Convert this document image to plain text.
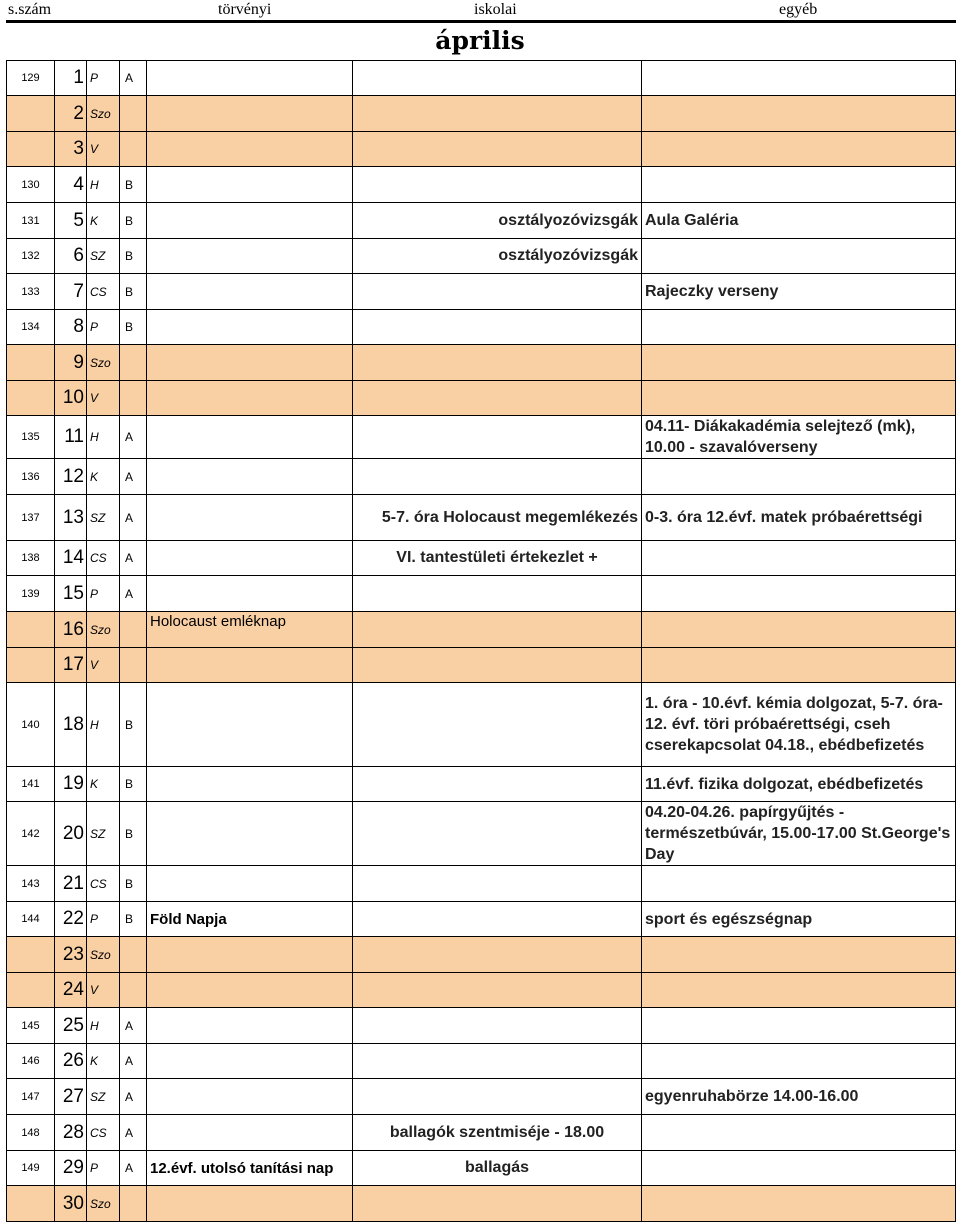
s.szám	törvényi	iskolai	egyéb
április
129	1	P	A			
	2	Szo				
	3	V				
130	4	H	B			
131	5	K	B		osztályozóvizsgák	Aula Galéria
132	6	SZ	B		osztályozóvizsgák	
133	7	CS	B			Rajeczky verseny
134	8	P	B			
	9	Szo				
	10	V				
135	11	H	A			04.11- Diákakadémia selejtező (mk), 10.00 - szavalóverseny
136	12	K	A			
137	13	SZ	A		5-7. óra Holocaust megemlékezés	0-3. óra 12.évf. matek próbaérettségi
138	14	CS	A		VI. tantestületi értekezlet +	
139	15	P	A			
	16	Szo		Holocaust emléknap		
	17	V				
140	18	H	B			1. óra - 10.évf. kémia dolgozat, 5-7. óra- 12. évf. töri próbaérettségi, cseh cserekapcsolat 04.18., ebédbefizetés
141	19	K	B			11.évf. fizika dolgozat, ebédbefizetés
142	20	SZ	B			04.20-04.26. papírgyűjtés - természetbúvár, 15.00-17.00 St.George's Day
143	21	CS	B			
144	22	P	B	Föld Napja		sport és egészségnap
	23	Szo				
	24	V				
145	25	H	A			
146	26	K	A			
147	27	SZ	A			egyenruhabörze 14.00-16.00
148	28	CS	A		ballagók szentmiséje - 18.00	
149	29	P	A	12.évf. utolsó tanítási nap	ballagás	
	30	Szo				
